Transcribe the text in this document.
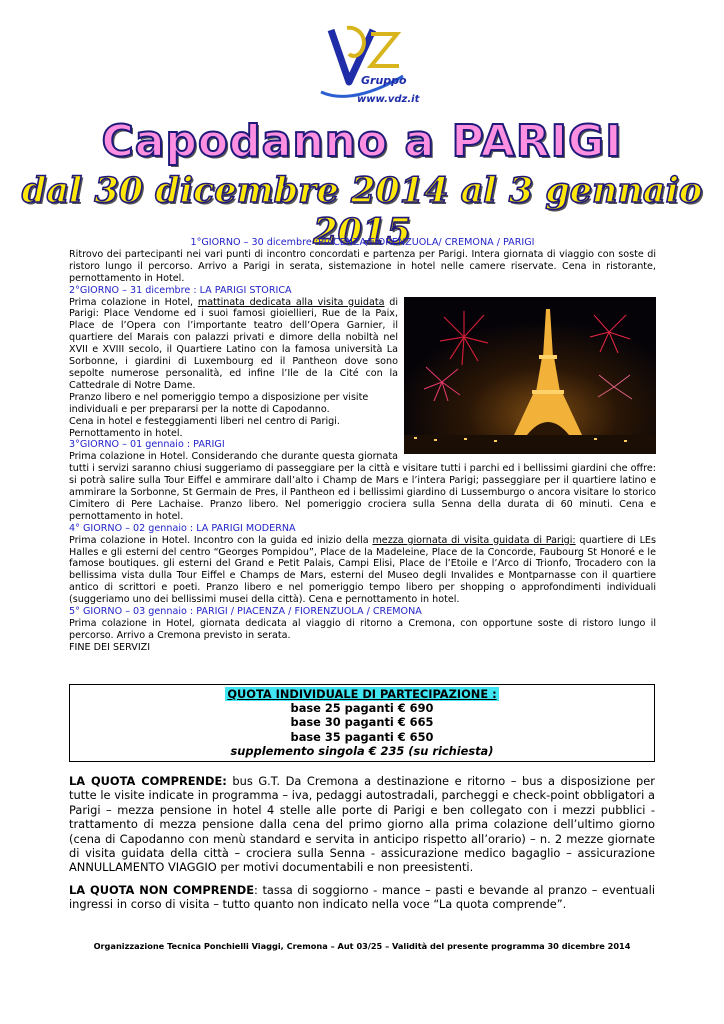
Gruppo
www.vdz.it
Capodanno a PARIGI
dal 30 dicembre 2014 al 3 gennaio 2015

1°GIORNO – 30 dicembre :PIACENZA/FIORENZUOLA/ CREMONA / PARIGI

Ritrovo dei partecipanti nei vari punti di incontro concordati e partenza per Parigi. Intera giornata di viaggio con soste di ristoro lungo il percorso. Arrivo a Parigi in serata, sistemazione in hotel nelle camere riservate. Cena in ristorante, pernottamento in Hotel.

2°GIORNO – 31 dicembre : LA PARIGI STORICA

Prima colazione in Hotel, mattinata dedicata alla visita guidata di Parigi: Place Vendome ed i suoi famosi gioiellieri, Rue de la Paix, Place de l’Opera con l’importante teatro dell’Opera Garnier, il quartiere del Marais con palazzi privati e dimore della nobiltà nel XVII e XVIII secolo, il Quartiere Latino con la famosa università La Sorbonne, i giardini di Luxembourg ed il Pantheon dove sono sepolte numerose personalità, ed infine l’Ile de la Cité con la Cattedrale di Notre Dame.

Pranzo libero e nel pomeriggio tempo a disposizione per visite individuali e per prepararsi per la notte di Capodanno.

Cena in hotel e festeggiamenti liberi nel centro di Parigi. Pernottamento in hotel.

3°GIORNO – 01 gennaio : PARIGI

Prima colazione in Hotel. Considerando che durante questa giornata tutti i servizi saranno chiusi suggeriamo di passeggiare per la città e visitare tutti i parchi ed i bellissimi giardini che offre: si potrà salire sulla Tour Eiffel e ammirare dall’alto i Champ de Mars e l’intera Parigi; passeggiare per il quartiere latino e ammirare la Sorbonne, St Germain de Pres, il Pantheon ed i bellissimi giardino di Lussemburgo o ancora visitare lo storico Cimitero di Pere Lachaise. Pranzo libero. Nel pomeriggio crociera sulla Senna della durata di 60 minuti. Cena e pernottamento in hotel.

4° GIORNO – 02 gennaio : LA PARIGI MODERNA

Prima colazione in Hotel. Incontro con la guida ed inizio della mezza giornata di visita guidata di Parigi: quartiere di LEs Halles e gli esterni del centro “Georges Pompidou”, Place de la Madeleine, Place de la Concorde, Faubourg St Honoré e le famose boutiques. gli esterni del Grand e Petit Palais, Campi Elisi, Place de l’Etoile e l’Arco di Trionfo, Trocadero con la bellissima vista dulla Tour Eiffel e Champs de Mars, esterni del Museo degli Invalides e Montparnasse con il quartiere antico di scrittori e poeti. Pranzo libero e nel pomeriggio tempo libero per shopping o approfondimenti individuali (suggeriamo uno dei bellissimi musei della città). Cena e pernottamento in hotel.

5° GIORNO – 03 gennaio : PARIGI / PIACENZA / FIORENZUOLA / CREMONA

Prima colazione in Hotel, giornata dedicata al viaggio di ritorno a Cremona, con opportune soste di ristoro lungo il percorso. Arrivo a Cremona previsto in serata.

FINE DEI SERVIZI

QUOTA INDIVIDUALE DI PARTECIPAZIONE :
base 25 paganti € 690
base 30 paganti € 665
base 35 paganti € 650
supplemento singola € 235 (su richiesta)
LA QUOTA COMPRENDE: bus G.T. Da Cremona a destinazione e ritorno – bus a disposizione per tutte le visite indicate in programma – iva, pedaggi autostradali, parcheggi e check-point obbligatori a Parigi – mezza pensione in hotel 4 stelle alle porte di Parigi e ben collegato con i mezzi pubblici - trattamento di mezza pensione dalla cena del primo giorno alla prima colazione dell’ultimo giorno (cena di Capodanno con menù standard e servita in anticipo rispetto all’orario) – n. 2 mezze giornate di visita guidata della città – crociera sulla Senna - assicurazione medico bagaglio – assicurazione ANNULLAMENTO VIAGGIO per motivi documentabili e non preesistenti.
LA QUOTA NON COMPRENDE: tassa di soggiorno - mance – pasti e bevande al pranzo – eventuali ingressi in corso di visita – tutto quanto non indicato nella voce “La quota comprende”.
Organizzazione Tecnica Ponchielli Viaggi, Cremona – Aut 03/25 – Validità del presente programma 30 dicembre 2014
